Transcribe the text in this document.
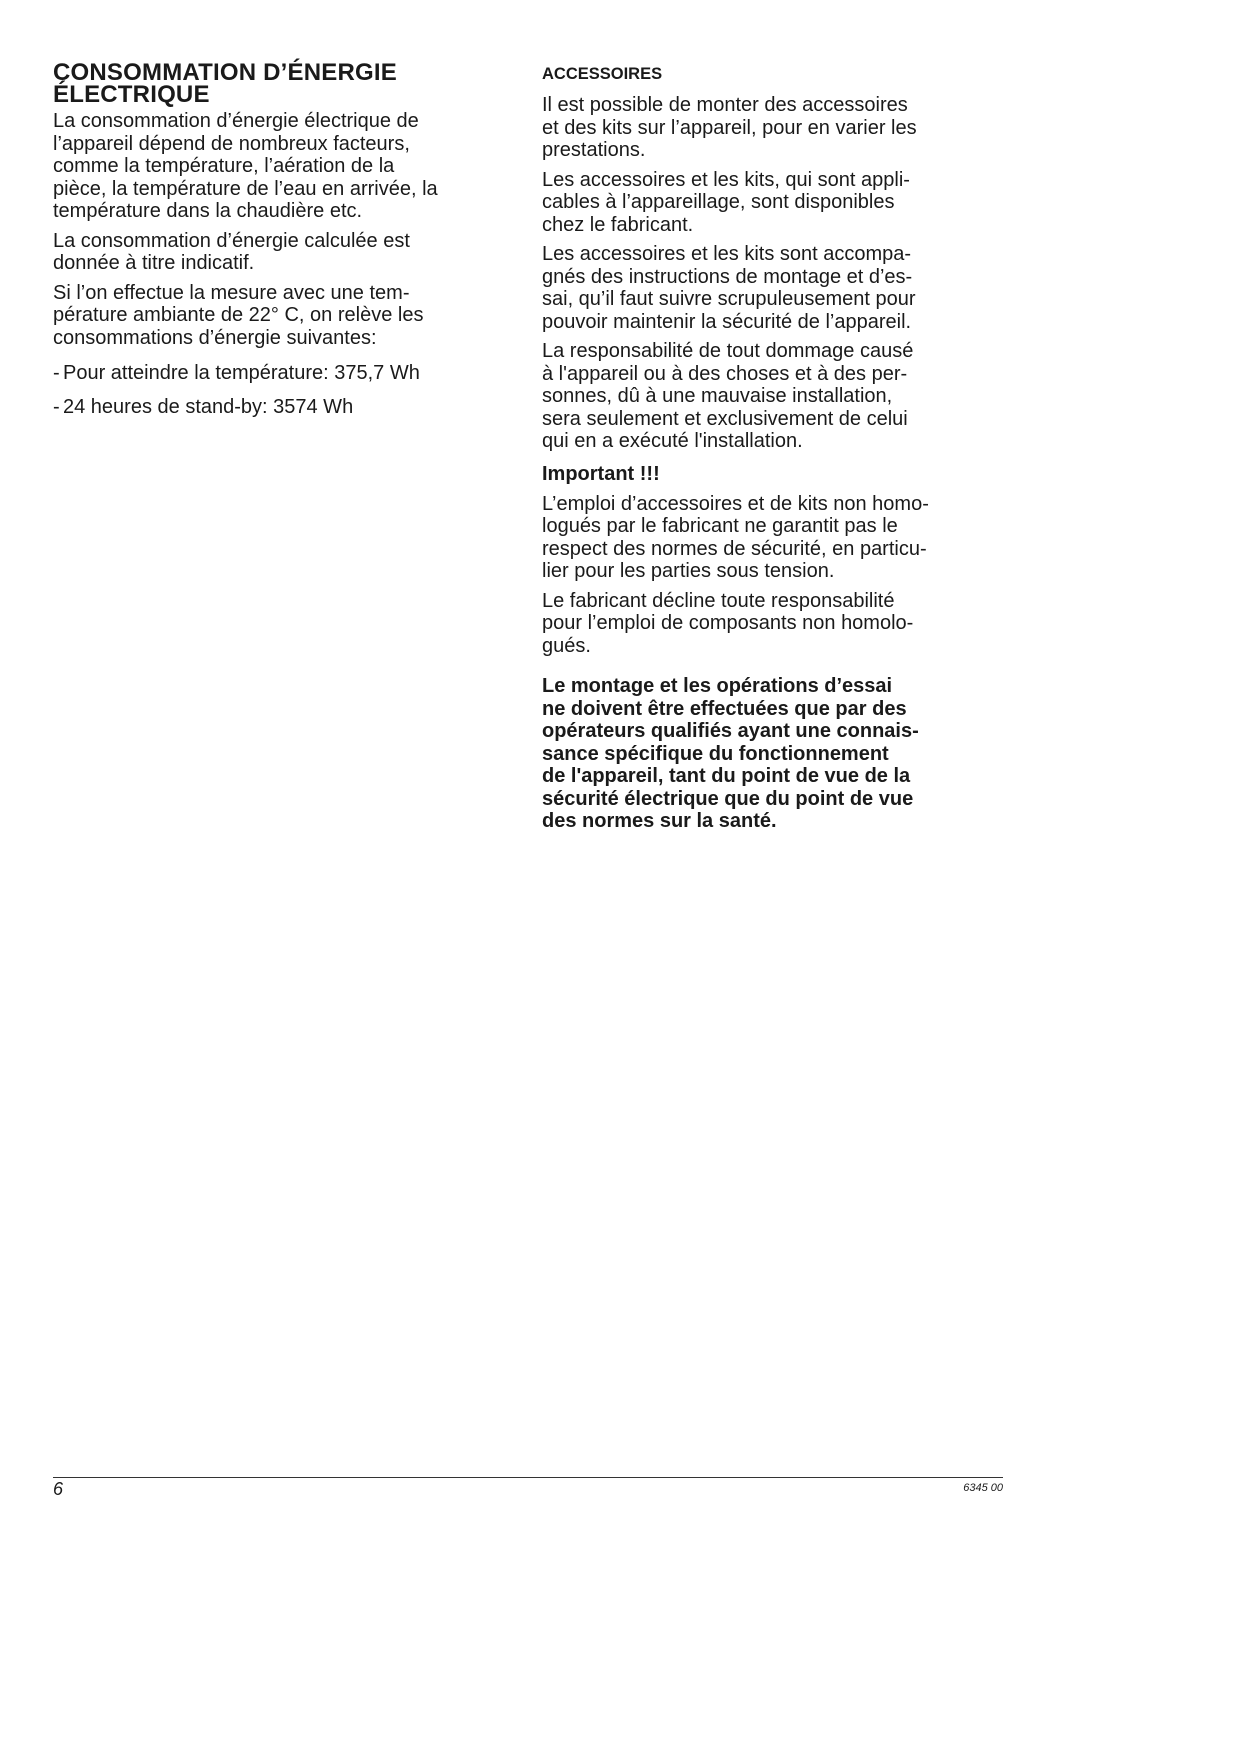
CONSOMMATION D’ÉNERGIE
ÉLECTRIQUE

La consommation d’énergie électrique de
l’appareil dépend de nombreux facteurs,
comme la température, l’aération de la
pièce, la température de l’eau en arrivée, la
température dans la chaudière etc.

La consommation d’énergie calculée est
donnée à titre indicatif.

Si l’on effectue la mesure avec une tem-
pérature ambiante de 22° C, on relève les
consommations d’énergie suivantes:

- Pour atteindre la température: 375,7 Wh
- 24 heures de stand-by: 3574 Wh
ACCESSOIRES

Il est possible de monter des accessoires
et des kits sur l’appareil, pour en varier les
prestations.

Les accessoires et les kits, qui sont appli-
cables à l’appareillage, sont disponibles
chez le fabricant.

Les accessoires et les kits sont accompa-
gnés des instructions de montage et d’es-
sai, qu’il faut suivre scrupuleusement pour
pouvoir maintenir la sécurité de l’appareil.

La responsabilité de tout dommage causé
à l'appareil ou à des choses et à des per-
sonnes, dû à une mauvaise installation,
sera seulement et exclusivement de celui
qui en a exécuté l'installation.

Important !!!

L’emploi d’accessoires et de kits non homo-
logués par le fabricant ne garantit pas le
respect des normes de sécurité, en particu-
lier pour les parties sous tension.

Le fabricant décline toute responsabilité
pour l’emploi de composants non homolo-
gués.

Le montage et les opérations d’essai
ne doivent être effectuées que par des
opérateurs qualifiés ayant une connais-
sance spécifique du fonctionnement
de l'appareil, tant du point de vue de la
sécurité électrique que du point de vue
des normes sur la santé.

6	6345 00
